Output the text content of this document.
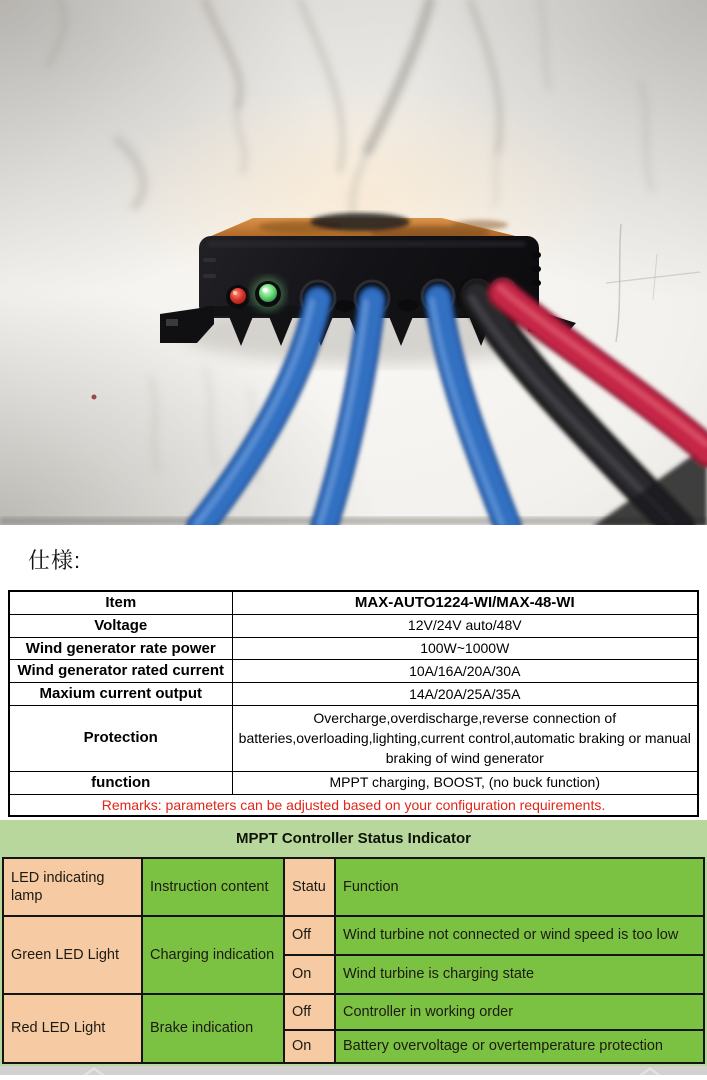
仕様:
Item	MAX-AUTO1224-WI/MAX-48-WI
Voltage	12V/24V auto/48V
Wind generator rate power	100W~1000W
Wind generator rated current	10A/16A/20A/30A
Maxium current output	14A/20A/25A/35A
Protection	Overcharge,overdischarge,reverse connection of batteries,overloading,lighting,current control,automatic braking or manual braking of wind generator
function	MPPT charging, BOOST, (no buck function)
Remarks: parameters can be adjusted based on your configuration requirements.	
MPPT Controller Status Indicator
LED indicating lamp	Instruction content	Statu	Function
Green LED Light	Charging indication	Off	Wind turbine not connected or wind speed is too low
		On	Wind turbine is charging state
Red LED Light	Brake indication	Off	Controller in working order
		On	Battery overvoltage or overtemperature protection
